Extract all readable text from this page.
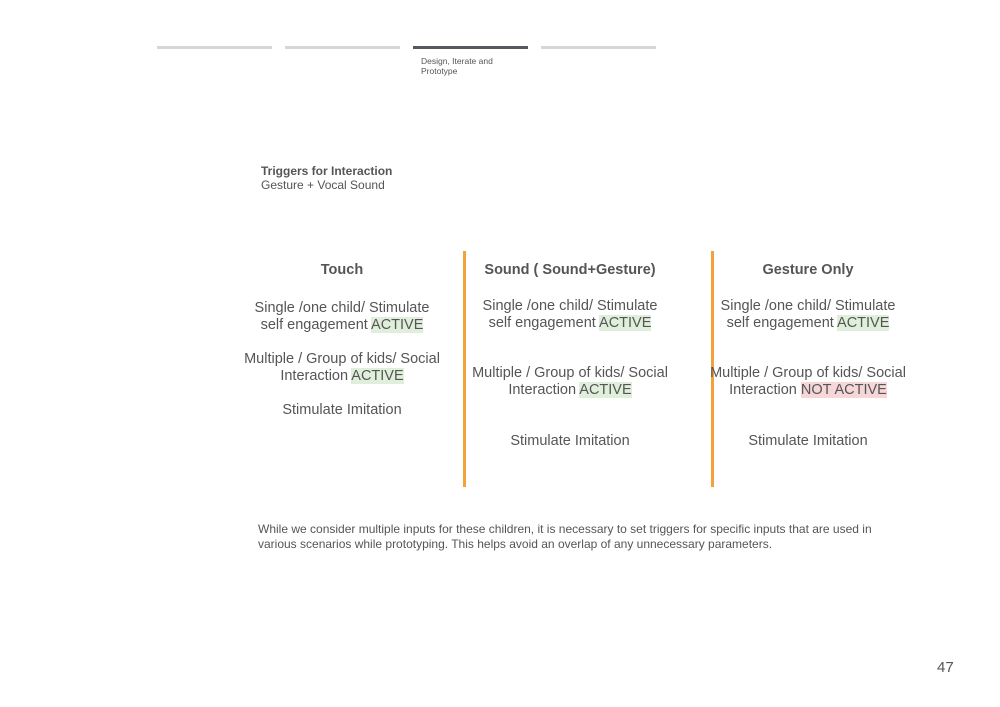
Design, Iterate and Prototype
Triggers for Interaction
Gesture + Vocal Sound
Touch
Single /one child/ Stimulate self engagement ACTIVE
Multiple / Group of kids/ Social Interaction ACTIVE
Stimulate Imitation
Sound ( Sound+Gesture)
Single /one child/ Stimulate self engagement ACTIVE
Multiple / Group of kids/ Social Interaction ACTIVE
Stimulate Imitation
Gesture Only
Single /one child/ Stimulate self engagement ACTIVE
Multiple / Group of kids/ Social Interaction NOT ACTIVE
Stimulate Imitation
While we consider multiple inputs for these children, it is necessary to set triggers for specific inputs that are used in various scenarios while prototyping. This helps avoid an overlap of any unnecessary parameters.
47
